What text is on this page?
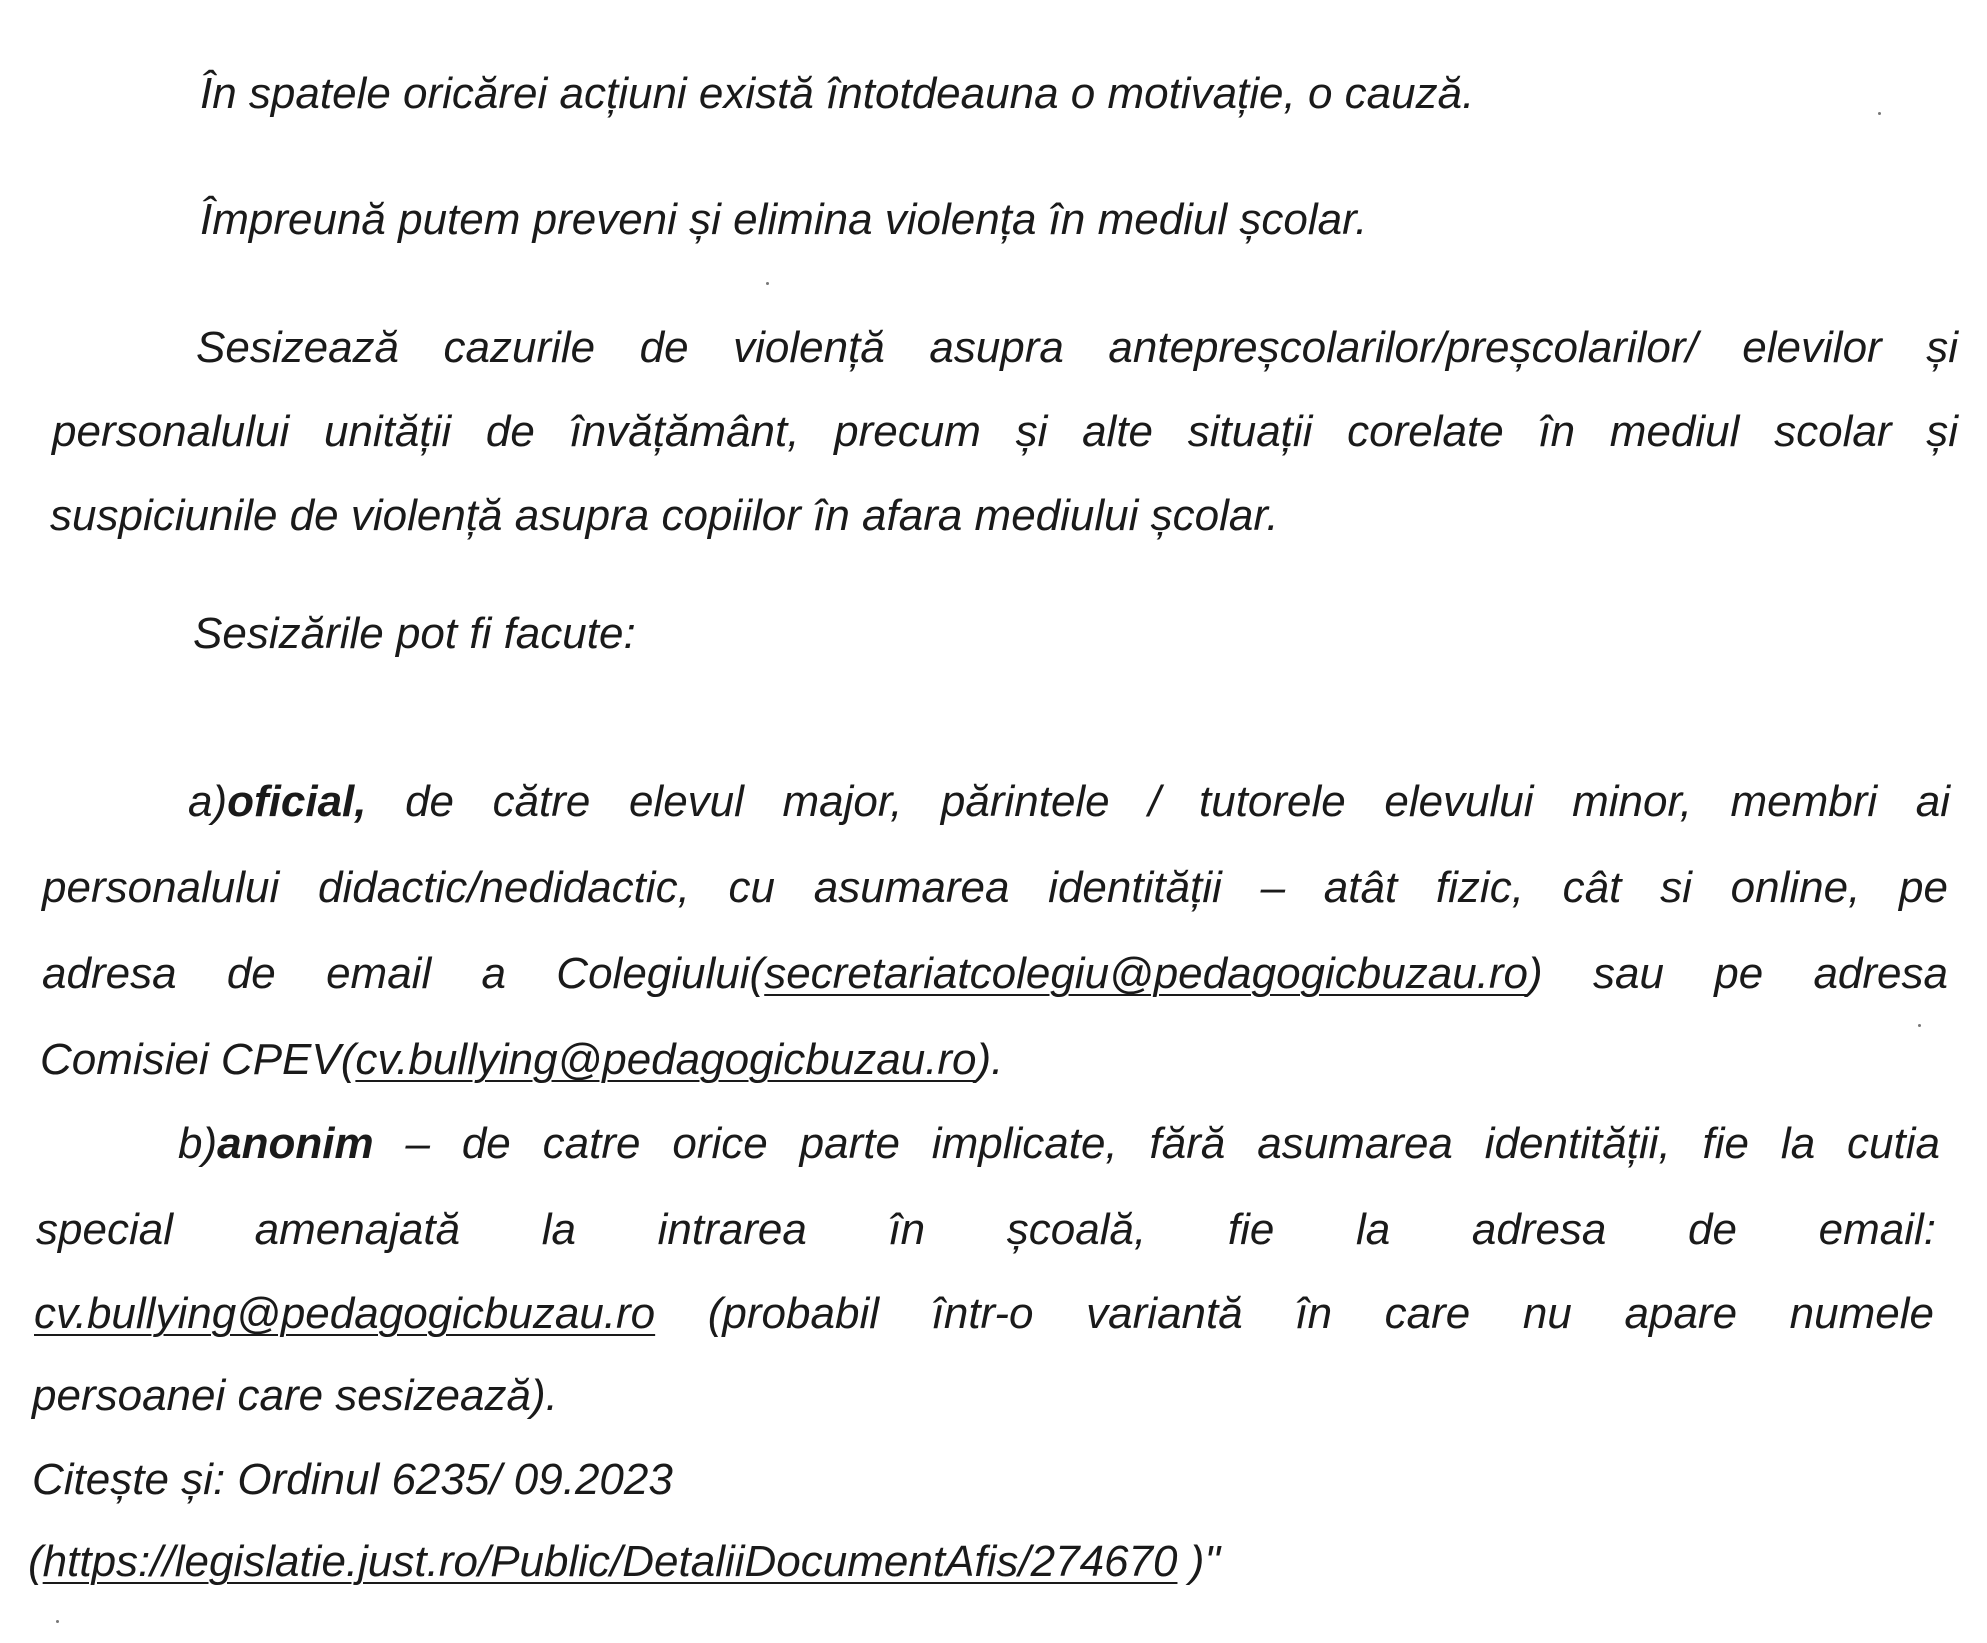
În spatele oricărei acțiuni există întotdeauna o motivație, o cauză.
Împreună putem preveni și elimina violența în mediul școlar.
Sesizează cazurile de violență asupra antepreșcolarilor/preșcolarilor/ elevilor și
personalului unității de învățământ, precum și alte situații corelate în mediul scolar și
suspiciunile de violență asupra copiilor în afara mediului școlar.
Sesizările pot fi facute:
a)oficial, de către elevul major, părintele / tutorele elevului minor, membri ai
personalului didactic/nedidactic, cu asumarea identității – atât fizic, cât si online, pe
adresa de email a Colegiului(secretariatcolegiu@pedagogicbuzau.ro) sau pe adresa
Comisiei CPEV(cv.bullying@pedagogicbuzau.ro).
b)anonim – de catre orice parte implicate, fără asumarea identității, fie la cutia
special amenajată la intrarea în școală, fie la adresa de email:
cv.bullying@pedagogicbuzau.ro (probabil într-o variantă în care nu apare numele
persoanei care sesizează).
Citește și: Ordinul 6235/ 09.2023
(https://legislatie.just.ro/Public/DetaliiDocumentAfis/274670 )"
